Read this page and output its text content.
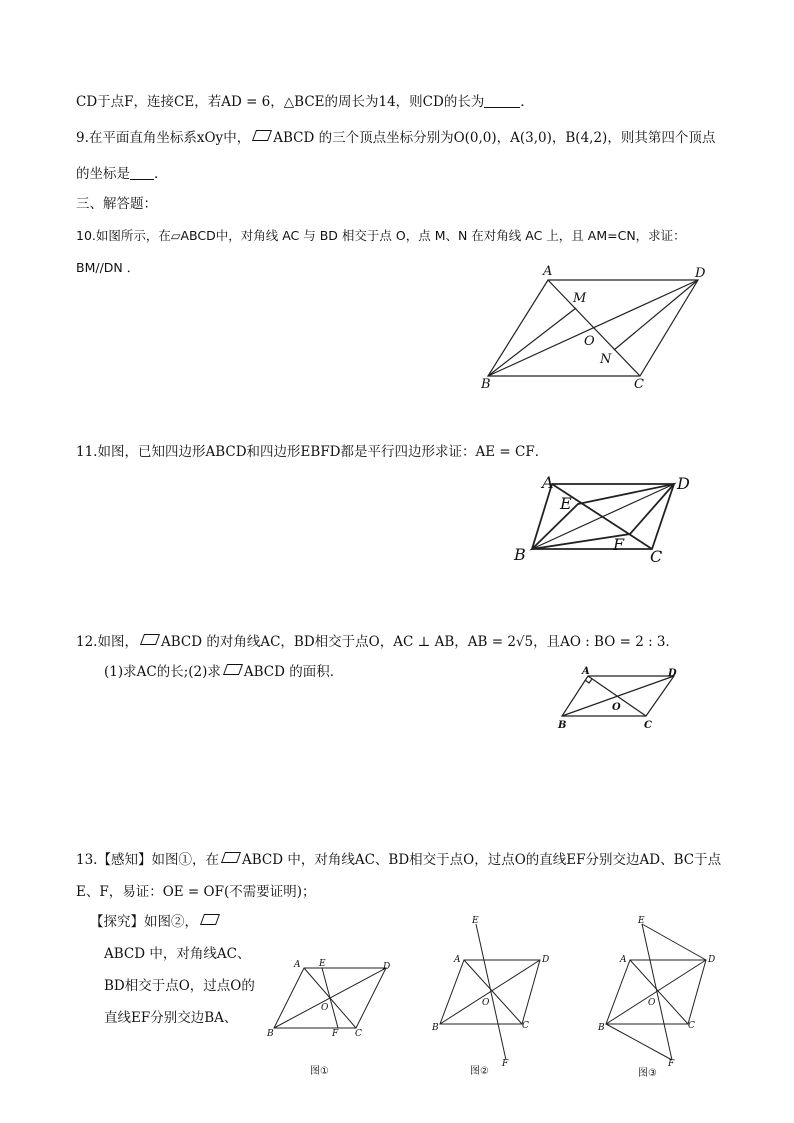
CD于点F，连接CE，若AD = 6，△BCE的周长为14，则CD的长为	．
9.在平面直角坐标系xOy中， ABCD 的三个顶点坐标分别为O(0,0)，A(3,0)，B(4,2)，则其第四个顶点
的坐标是 ．
三、解答题：
10.如图所示，在▱ABCD中，对角线 AC 与 BD 相交于点 O，点 M、N 在对角线 AC 上，且 AM=CN，求证：
BM//DN ．	A	D
M
O
N
B	C
11.如图，已知四边形ABCD和四边形EBFD都是平行四边形求证：AE = CF．
A	D
E
F
B	C
12.如图， ABCD 的对角线AC，BD相交于点O，AC ⊥ AB，AB = 2√5，且AO : BO = 2 : 3．
(1)求AC的长;(2)求 ABCD 的面积．	A	D
O
B	C
13.【感知】如图①，在 ABCD 中，对角线AC、BD相交于点O，过点O的直线EF分别交边AD、BC于点
E、F，易证：OE = OF(不需要证明)；
【探究】如图②，
ABCD 中，对角线AC、
BD相交于点O，过点O的
直线EF分别交边BA、
A E	D
O
B	F C
图①
E
A	D
O
B	C
F
图②
E
A	D
O
B	C
F
图③
